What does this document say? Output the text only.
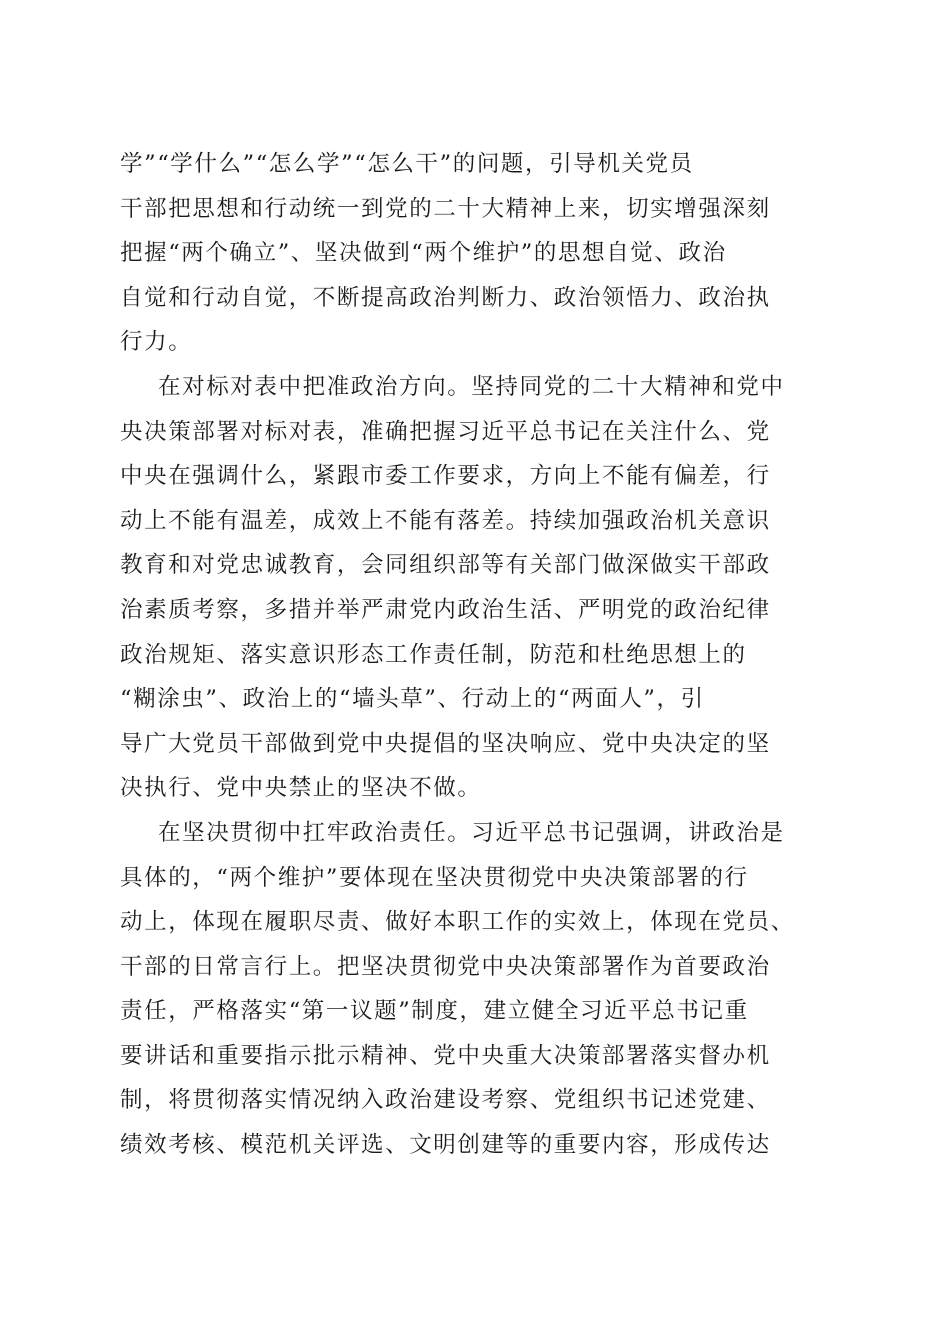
学”“学什么”“怎么学”“怎么干”的问题，引导机关党员
干部把思想和行动统一到党的二十大精神上来，切实增强深刻
把握“两个确立”、坚决做到“两个维护”的思想自觉、政治
自觉和行动自觉，不断提高政治判断力、政治领悟力、政治执
行力。
在对标对表中把准政治方向。坚持同党的二十大精神和党中
央决策部署对标对表，准确把握习近平总书记在关注什么、党
中央在强调什么，紧跟市委工作要求，方向上不能有偏差，行
动上不能有温差，成效上不能有落差。持续加强政治机关意识
教育和对党忠诚教育，会同组织部等有关部门做深做实干部政
治素质考察，多措并举严肃党内政治生活、严明党的政治纪律
政治规矩、落实意识形态工作责任制，防范和杜绝思想上的
“糊涂虫”、政治上的“墙头草”、行动上的“两面人”，引
导广大党员干部做到党中央提倡的坚决响应、党中央决定的坚
决执行、党中央禁止的坚决不做。
在坚决贯彻中扛牢政治责任。习近平总书记强调，讲政治是
具体的，“两个维护”要体现在坚决贯彻党中央决策部署的行
动上，体现在履职尽责、做好本职工作的实效上，体现在党员、
干部的日常言行上。把坚决贯彻党中央决策部署作为首要政治
责任，严格落实“第一议题”制度，建立健全习近平总书记重
要讲话和重要指示批示精神、党中央重大决策部署落实督办机
制，将贯彻落实情况纳入政治建设考察、党组织书记述党建、
绩效考核、模范机关评选、文明创建等的重要内容，形成传达
